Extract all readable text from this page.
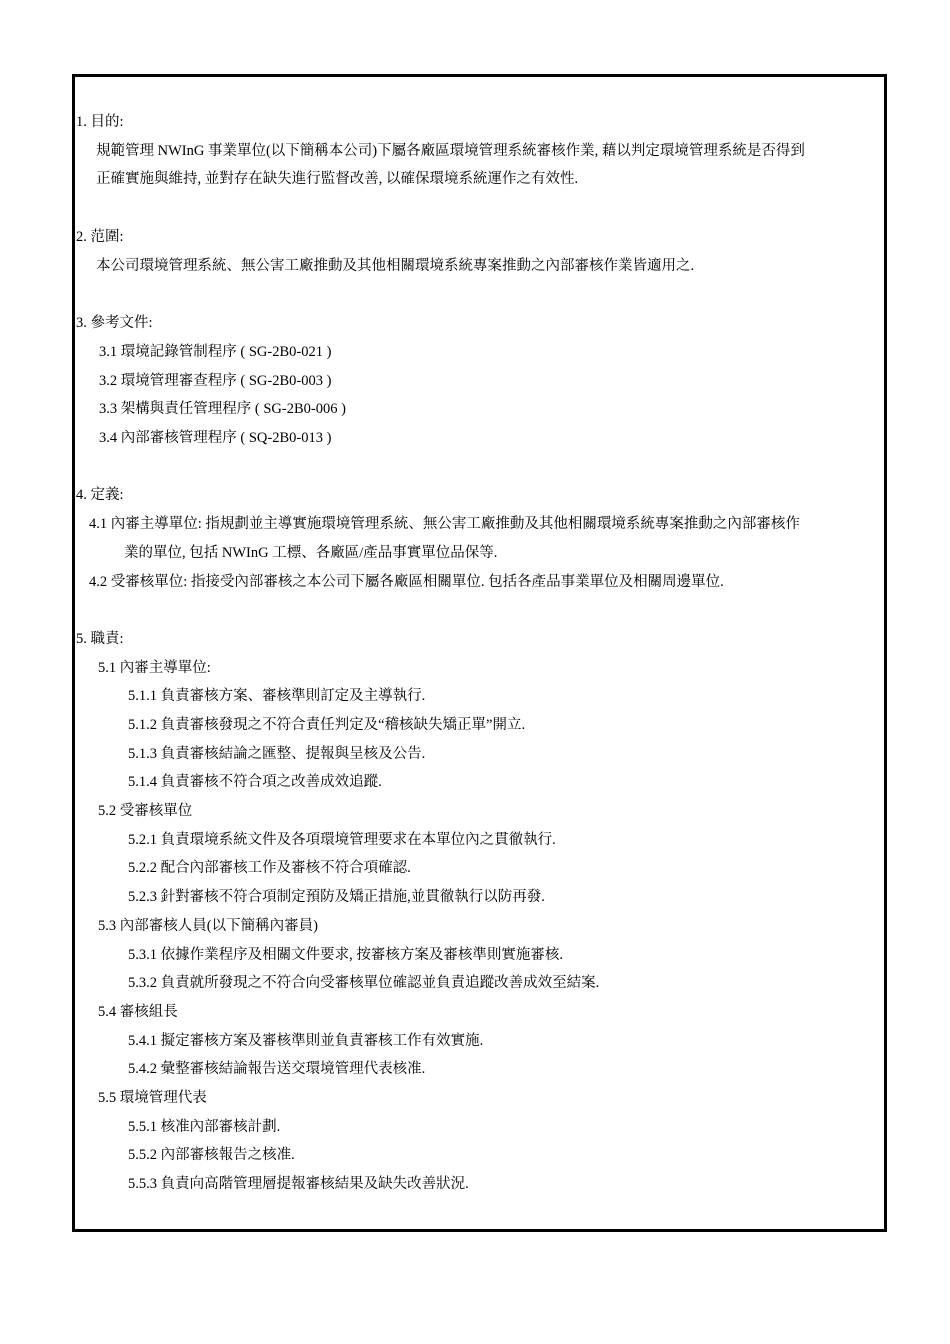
1. 目的:
規範管理 NWInG 事業單位(以下簡稱本公司)下屬各廠區環境管理系統審核作業, 藉以判定環境管理系統是否得到
正確實施與維持, 並對存在缺失進行監督改善, 以確保環境系統運作之有效性.
2. 范圍:
本公司環境管理系統、無公害工廠推動及其他相關環境系統專案推動之內部審核作業皆適用之.
3. 參考文件:
3.1 環境記錄管制程序 ( SG-2B0-021 )
3.2 環境管理審查程序 ( SG-2B0-003 )
3.3 架構與責任管理程序 ( SG-2B0-006 )
3.4 內部審核管理程序 ( SQ-2B0-013 )
4. 定義:
4.1 內審主導單位: 指規劃並主導實施環境管理系統、無公害工廠推動及其他相關環境系統專案推動之內部審核作
業的單位, 包括 NWInG 工標、各廠區/產品事實單位品保等.
4.2 受審核單位: 指接受內部審核之本公司下屬各廠區相關單位. 包括各產品事業單位及相關周邊單位.
5. 職責:
5.1 內審主導單位:
5.1.1 負責審核方案、審核準則訂定及主導執行.
5.1.2 負責審核發現之不符合責任判定及“稽核缺失矯正單”開立.
5.1.3 負責審核結論之匯整、提報與呈核及公告.
5.1.4 負責審核不符合項之改善成效追蹤.
5.2 受審核單位
5.2.1 負責環境系統文件及各項環境管理要求在本單位內之貫徹執行.
5.2.2 配合內部審核工作及審核不符合項確認.
5.2.3 針對審核不符合項制定預防及矯正措施,並貫徹執行以防再發.
5.3 內部審核人員(以下簡稱內審員)
5.3.1 依據作業程序及相關文件要求, 按審核方案及審核準則實施審核.
5.3.2 負責就所發現之不符合向受審核單位確認並負責追蹤改善成效至結案.
5.4 審核組長
5.4.1 擬定審核方案及審核準則並負責審核工作有效實施.
5.4.2 彙整審核結論報告送交環境管理代表核准.
5.5 環境管理代表
5.5.1 核准內部審核計劃.
5.5.2 內部審核報告之核准.
5.5.3 負責向高階管理層提報審核結果及缺失改善狀況.
